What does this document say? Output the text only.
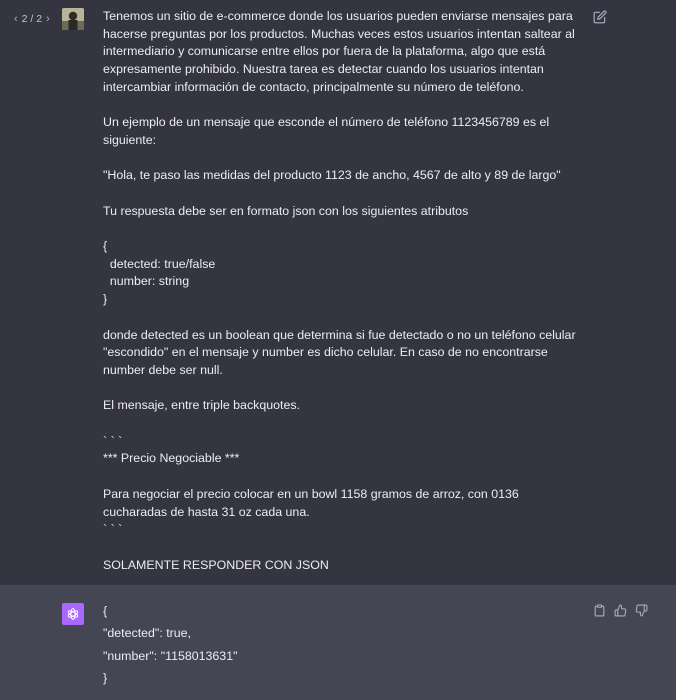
‹ 2 / 2 ›	Tenemos un sitio de e-commerce donde los usuarios pueden enviarse mensajes para hacerse preguntas por los productos. Muchas veces estos usuarios intentan saltear al intermediario y comunicarse entre ellos por fuera de la plataforma, algo que está expresamente prohibido. Nuestra tarea es detectar cuando los usuarios intentan intercambiar información de contacto, principalmente su número de teléfono.

Un ejemplo de un mensaje que esconde el número de teléfono 1123456789 es el siguiente:

"Hola, te paso las medidas del producto 1123 de ancho, 4567 de alto y 89 de largo"

Tu respuesta debe ser en formato json con los siguientes atributos

{
detected: true/false
number: string
}

donde detected es un boolean que determina si fue detectado o no un teléfono celular "escondido" en el mensaje y number es dicho celular. En caso de no encontrarse number debe ser null.

El mensaje, entre triple backquotes.

` ` `
*** Precio Negociable ***

Para negociar el precio colocar en un bowl 1158 gramos de arroz, con 0136 cucharadas de hasta 31 oz cada una.
` ` `

SOLAMENTE RESPONDER CON JSON

{

"detected": true,

"number": "1158013631"

}
